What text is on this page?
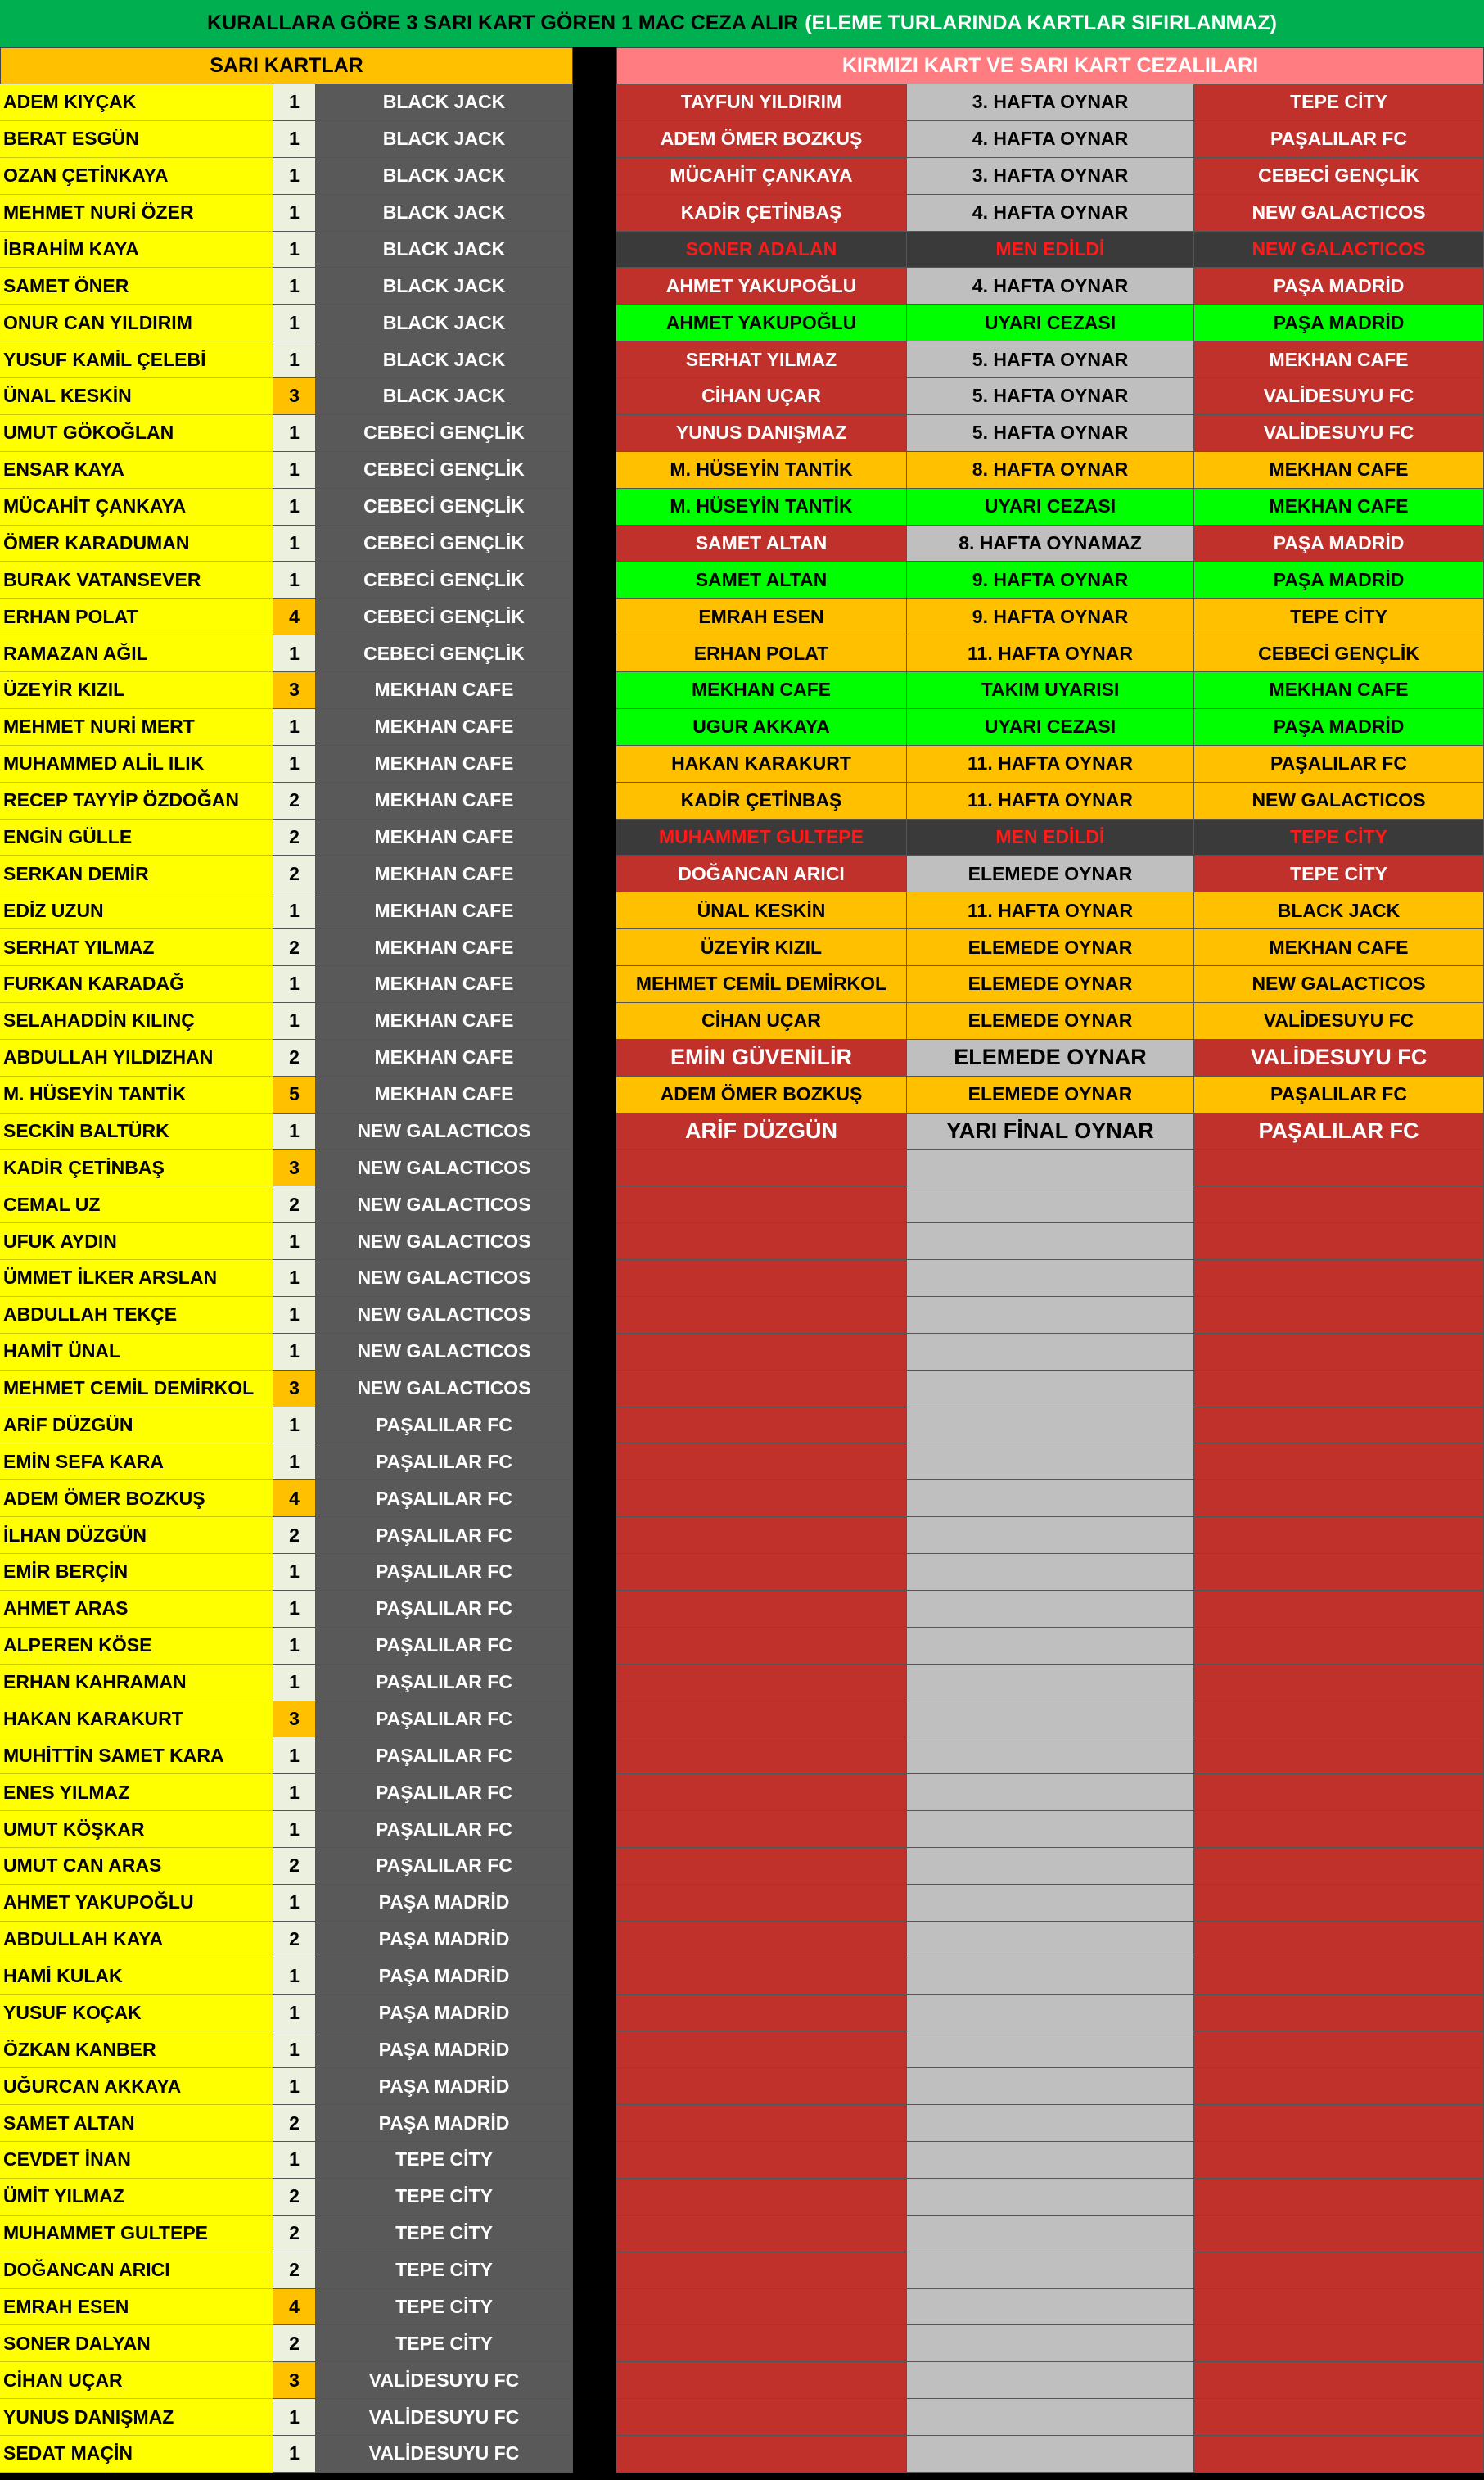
KURALLARA GÖRE 3 SARI KART GÖREN 1 MAC CEZA ALIR (ELEME TURLARINDA KARTLAR SIFIRLANMAZ)
SARI KARTLAR	KIRMIZI KART VE SARI KART CEZALILARI
ADEM KIYÇAK	1	BLACK JACK	TAYFUN YILDIRIM	3. HAFTA OYNAR	TEPE CİTY
BERAT ESGÜN	1	BLACK JACK	ADEM ÖMER BOZKUŞ	4. HAFTA OYNAR	PAŞALILAR FC
OZAN ÇETİNKAYA	1	BLACK JACK	MÜCAHİT ÇANKAYA	3. HAFTA OYNAR	CEBECİ GENÇLİK
MEHMET NURİ ÖZER	1	BLACK JACK	KADİR ÇETİNBAŞ	4. HAFTA OYNAR	NEW GALACTICOS
İBRAHİM KAYA	1	BLACK JACK	SONER ADALAN	MEN EDİLDİ	NEW GALACTICOS
SAMET ÖNER	1	BLACK JACK	AHMET YAKUPOĞLU	4. HAFTA OYNAR	PAŞA MADRİD
ONUR CAN YILDIRIM	1	BLACK JACK	AHMET YAKUPOĞLU	UYARI CEZASI	PAŞA MADRİD
YUSUF KAMİL ÇELEBİ	1	BLACK JACK	SERHAT YILMAZ	5. HAFTA OYNAR	MEKHAN CAFE
ÜNAL KESKİN	3	BLACK JACK	CİHAN UÇAR	5. HAFTA OYNAR	VALİDESUYU FC
UMUT GÖKOĞLAN	1	CEBECİ GENÇLİK	YUNUS DANIŞMAZ	5. HAFTA OYNAR	VALİDESUYU FC
ENSAR KAYA	1	CEBECİ GENÇLİK	M. HÜSEYİN TANTİK	8. HAFTA OYNAR	MEKHAN CAFE
MÜCAHİT ÇANKAYA	1	CEBECİ GENÇLİK	M. HÜSEYİN TANTİK	UYARI CEZASI	MEKHAN CAFE
ÖMER KARADUMAN	1	CEBECİ GENÇLİK	SAMET ALTAN	8. HAFTA OYNAMAZ	PAŞA MADRİD
BURAK VATANSEVER	1	CEBECİ GENÇLİK	SAMET ALTAN	9. HAFTA OYNAR	PAŞA MADRİD
ERHAN POLAT	4	CEBECİ GENÇLİK	EMRAH ESEN	9. HAFTA OYNAR	TEPE CİTY
RAMAZAN AĞIL	1	CEBECİ GENÇLİK	ERHAN POLAT	11. HAFTA OYNAR	CEBECİ GENÇLİK
ÜZEYİR KIZIL	3	MEKHAN CAFE	MEKHAN CAFE	TAKIM UYARISI	MEKHAN CAFE
MEHMET NURİ MERT	1	MEKHAN CAFE	UGUR AKKAYA	UYARI CEZASI	PAŞA MADRİD
MUHAMMED ALİL ILIK	1	MEKHAN CAFE	HAKAN KARAKURT	11. HAFTA OYNAR	PAŞALILAR FC
RECEP TAYYİP ÖZDOĞAN	2	MEKHAN CAFE	KADİR ÇETİNBAŞ	11. HAFTA OYNAR	NEW GALACTICOS
ENGİN GÜLLE	2	MEKHAN CAFE	MUHAMMET GULTEPE	MEN EDİLDİ	TEPE CİTY
SERKAN DEMİR	2	MEKHAN CAFE	DOĞANCAN ARICI	ELEMEDE OYNAR	TEPE CİTY
EDİZ UZUN	1	MEKHAN CAFE	ÜNAL KESKİN	11. HAFTA OYNAR	BLACK JACK
SERHAT YILMAZ	2	MEKHAN CAFE	ÜZEYİR KIZIL	ELEMEDE OYNAR	MEKHAN CAFE
FURKAN KARADAĞ	1	MEKHAN CAFE	MEHMET CEMİL DEMİRKOL	ELEMEDE OYNAR	NEW GALACTICOS
SELAHADDİN KILINÇ	1	MEKHAN CAFE	CİHAN UÇAR	ELEMEDE OYNAR	VALİDESUYU FC
ABDULLAH YILDIZHAN	2	MEKHAN CAFE	EMİN GÜVENİLİR	ELEMEDE OYNAR	VALİDESUYU FC
M. HÜSEYİN TANTİK	5	MEKHAN CAFE	ADEM ÖMER BOZKUŞ	ELEMEDE OYNAR	PAŞALILAR FC
SECKİN BALTÜRK	1	NEW GALACTICOS	ARİF DÜZGÜN	YARI FİNAL OYNAR	PAŞALILAR FC
KADİR ÇETİNBAŞ	3	NEW GALACTICOS
CEMAL UZ	2	NEW GALACTICOS
UFUK AYDIN	1	NEW GALACTICOS
ÜMMET İLKER ARSLAN	1	NEW GALACTICOS
ABDULLAH TEKÇE	1	NEW GALACTICOS
HAMİT ÜNAL	1	NEW GALACTICOS
MEHMET CEMİL DEMİRKOL	3	NEW GALACTICOS
ARİF DÜZGÜN	1	PAŞALILAR FC
EMİN SEFA KARA	1	PAŞALILAR FC
ADEM ÖMER BOZKUŞ	4	PAŞALILAR FC
İLHAN DÜZGÜN	2	PAŞALILAR FC
EMİR BERÇİN	1	PAŞALILAR FC
AHMET ARAS	1	PAŞALILAR FC
ALPEREN KÖSE	1	PAŞALILAR FC
ERHAN KAHRAMAN	1	PAŞALILAR FC
HAKAN KARAKURT	3	PAŞALILAR FC
MUHİTTİN SAMET KARA	1	PAŞALILAR FC
ENES YILMAZ	1	PAŞALILAR FC
UMUT KÖŞKAR	1	PAŞALILAR FC
UMUT CAN ARAS	2	PAŞALILAR FC
AHMET YAKUPOĞLU	1	PAŞA MADRİD
ABDULLAH KAYA	2	PAŞA MADRİD
HAMİ KULAK	1	PAŞA MADRİD
YUSUF KOÇAK	1	PAŞA MADRİD
ÖZKAN KANBER	1	PAŞA MADRİD
UĞURCAN AKKAYA	1	PAŞA MADRİD
SAMET ALTAN	2	PAŞA MADRİD
CEVDET İNAN	1	TEPE CİTY
ÜMİT YILMAZ	2	TEPE CİTY
MUHAMMET GULTEPE	2	TEPE CİTY
DOĞANCAN ARICI	2	TEPE CİTY
EMRAH ESEN	4	TEPE CİTY
SONER DALYAN	2	TEPE CİTY
CİHAN UÇAR	3	VALİDESUYU FC
YUNUS DANIŞMAZ	1	VALİDESUYU FC
SEDAT MAÇİN	1	VALİDESUYU FC
